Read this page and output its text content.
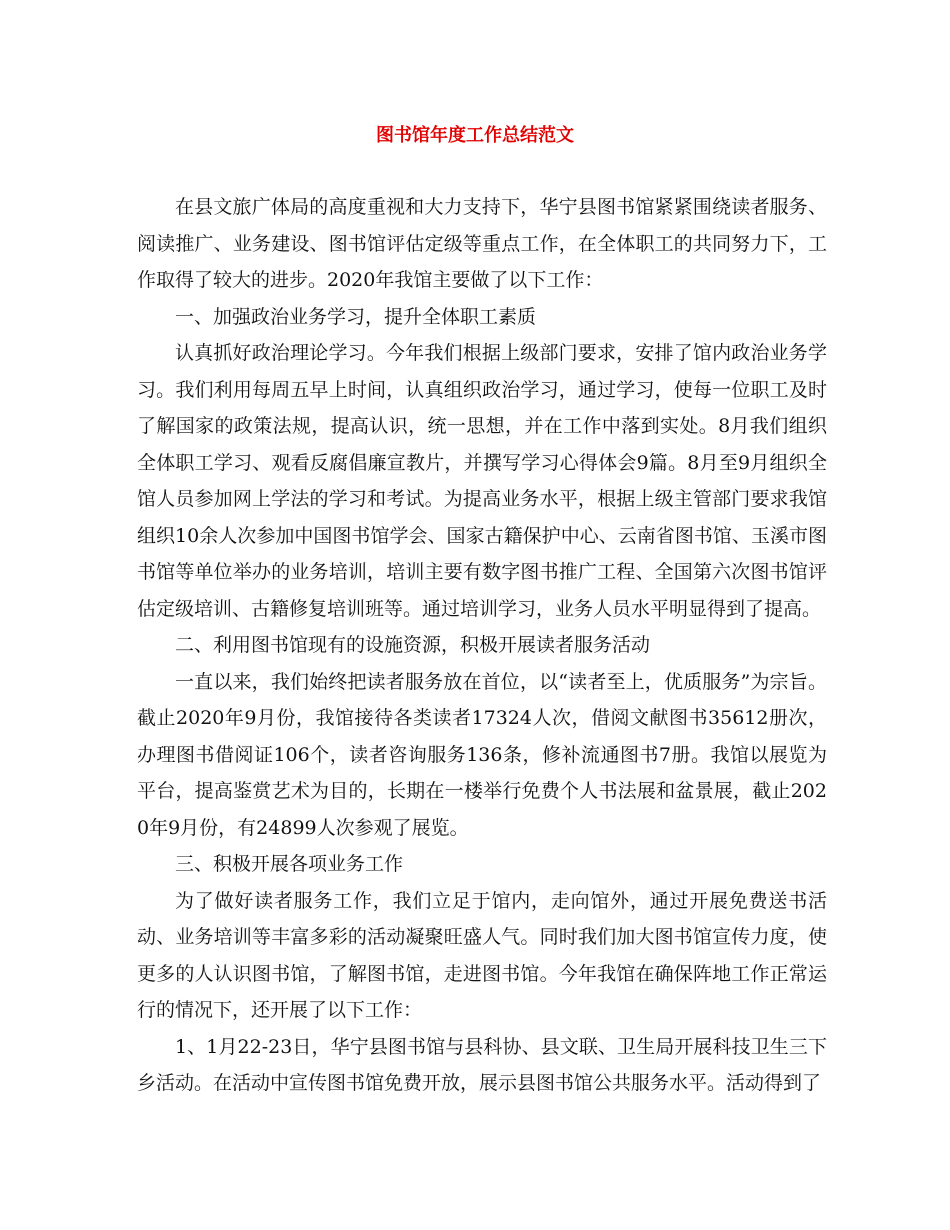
图书馆年度工作总结范文

在县文旅广体局的高度重视和大力支持下，华宁县图书馆紧紧围绕读者服务、阅读推广、业务建设、图书馆评估定级等重点工作，在全体职工的共同努力下，工作取得了较大的进步。2020年我馆主要做了以下工作：

一、加强政治业务学习，提升全体职工素质

认真抓好政治理论学习。今年我们根据上级部门要求，安排了馆内政治业务学习。我们利用每周五早上时间，认真组织政治学习，通过学习，使每一位职工及时了解国家的政策法规，提高认识，统一思想，并在工作中落到实处。8月我们组织全体职工学习、观看反腐倡廉宣教片，并撰写学习心得体会9篇。8月至9月组织全馆人员参加网上学法的学习和考试。为提高业务水平，根据上级主管部门要求我馆组织10余人次参加中国图书馆学会、国家古籍保护中心、云南省图书馆、玉溪市图书馆等单位举办的业务培训，培训主要有数字图书推广工程、全国第六次图书馆评估定级培训、古籍修复培训班等。通过培训学习，业务人员水平明显得到了提高。

二、利用图书馆现有的设施资源，积极开展读者服务活动

一直以来，我们始终把读者服务放在首位，以“读者至上，优质服务”为宗旨。截止2020年9月份，我馆接待各类读者17324人次，借阅文献图书35612册次，办理图书借阅证106个，读者咨询服务136条，修补流通图书7册。我馆以展览为平台，提高鉴赏艺术为目的，长期在一楼举行免费个人书法展和盆景展，截止2020年9月份，有24899人次参观了展览。

三、积极开展各项业务工作

为了做好读者服务工作，我们立足于馆内，走向馆外，通过开展免费送书活动、业务培训等丰富多彩的活动凝聚旺盛人气。同时我们加大图书馆宣传力度，使更多的人认识图书馆，了解图书馆，走进图书馆。今年我馆在确保阵地工作正常运行的情况下，还开展了以下工作：

1、1月22-23日，华宁县图书馆与县科协、县文联、卫生局开展科技卫生三下乡活动。在活动中宣传图书馆免费开放，展示县图书馆公共服务水平。活动得到了
